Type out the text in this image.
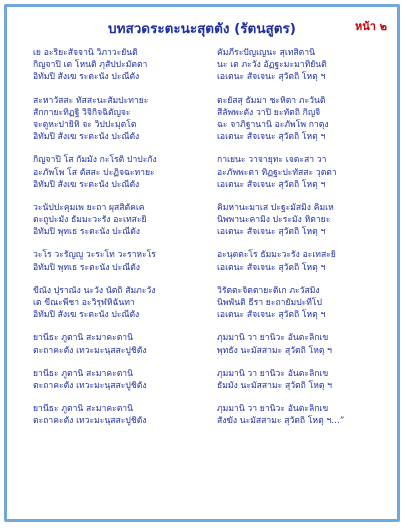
บทสวดระตะนะสุตตัง (รัตนสูตร)	หน้า ๒
เย อะริยะสัจจานิ วิภาวะยันติ	คัมภีระปัญเญนะ สุเทสิตานิ
กิญจาปิ เต โหนติ ภุสัปปะมัตตา	นะ เต ภะวัง อัฏฐะมะมาทิยันติ
อิทัมปิ สังเฆ ระตะนัง ปะณีตัง	เอเตนะ สัจเจนะ สุวัตถิ โหตุ ฯ
สะหาวัสสะ ทัสสะนะสัมปะทายะ	ตะยัสสุ ธัมมา ชะหิตา ภะวันติ
สักกายะทิฏฐิ วิจิกิจฉิตัญจะ	สีลัพพะตัง วาปิ ยะทัตถิ กิญจิ
จะตูหะปายิหิ จะ วิปปะมุตโต	ฉะ จาภิฐานานิ อะภัพโพ กาตุง
อิทัมปิ สังเฆ ระตะนัง ปะณีตัง	เอเตนะ สัจเจนะ สุวัตถิ โหตุ ฯ
กิญจาปิ โส กัมมัง กะโรติ ปาปะกัง	กาเยนะ วาจายุทะ เจตะสา วา
อะภัพโพ โส ตัสสะ ปะฏิจฉะทายะ	อะภัพพะตา ทิฏฐะปะทัสสะ วุตตา
อิทัมปิ สังเฆ ระตะนัง ปะณีตัง	เอเตนะ สัจเจนะ สุวัตถิ โหตุ ฯ
วะนัปปะคุมเพ ยะถา ผุสสิตัคเค	คิมหานะมาเส ปะฐะมัสมิง คิมเห
ตะถูปะมัง ธัมมะวะรัง อะเทสะยิ	นิพพานะคามิง ปะระมัง หิตายะ
อิทัมปิ พุทเธ ระตะนัง ปะณีตัง	เอเตนะ สัจเจนะ สุวัตถิ โหตุ ฯ
วะโร วะรัญญู วะระโท วะราหะโร	อะนุตตะโร ธัมมะวะรัง อะเทสะยิ
อิทัมปิ พุทเธ ระตะนัง ปะณีตัง	เอเตนะ สัจเจนะ สุวัตถิ โหตุ ฯ
ขีณัง ปุราณัง นะวัง นัตถิ สัมภะวัง	วิรัตตะจิตตายะติเก ภะวัสมิง
เต ขีณะพีชา อะวิรุฬหิฉันทา	นิพพันติ ธีรา ยะถายัมปะทีโป
อิทัมปิ สังเฆ ระตะนัง ปะณีตัง	เอเตนะ สัจเจนะ สุวัตถิ โหตุ ฯ
ยานีธะ ภูตานิ สะมาคะตานิ	ภุมมานิ วา ยานิวะ อันตะลิกเข
ตะถาคะตัง เทวะมะนุสสะปูชิตัง	พุทธัง นะมัสสามะ สุวัตถิ โหตุ ฯ
ยานีธะ ภูตานิ สะมาคะตานิ	ภุมมานิ วา ยานิวะ อันตะลิกเข
ตะถาคะตัง เทวะมะนุสสะปูชิตัง	ธัมมัง นะมัสสามะ สุวัตถิ โหตุ ฯ
ยานีธะ ภูตานิ สะมาคะตานิ	ภุมมานิ วา ยานิวะ อันตะลิกเข
ตะถาคะตัง เทวะมะนุสสะปูชิตัง	สังฆัง นะมัสสามะ สุวัตถิ โหตุ ฯ…”
